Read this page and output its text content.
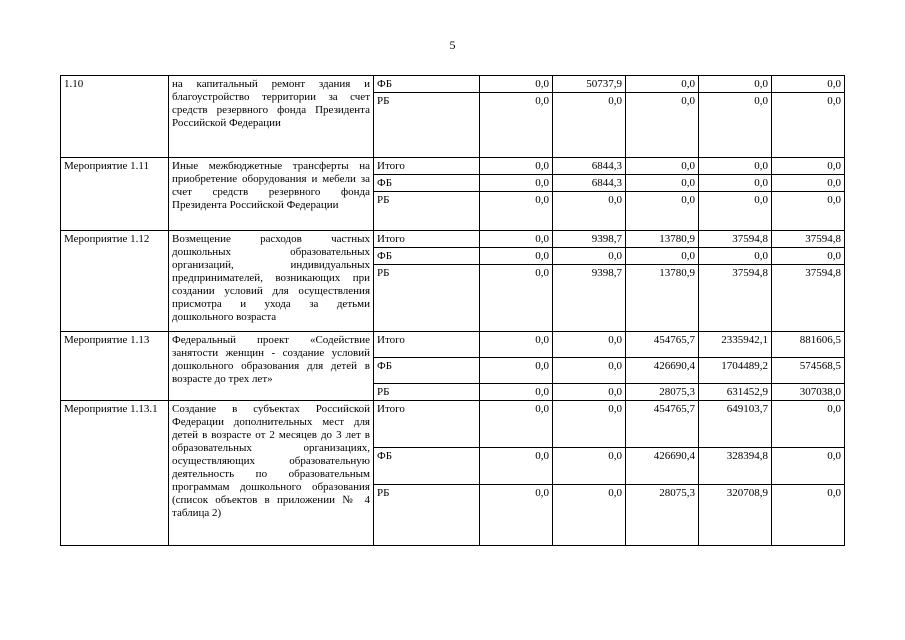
5
1.10	на капитальный ремонт здания и благоустройство территории за счет средств резервного фонда Президента Российской Федерации	ФБ	0,0	50737,9	0,0	0,0	0,0
		РБ	0,0	0,0	0,0	0,0	0,0
Мероприятие 1.11	Иные межбюджетные трансферты на приобретение оборудования и мебели за счет средств резервного фонда Президента Российской Федерации	Итого	0,0	6844,3	0,0	0,0	0,0
		ФБ	0,0	6844,3	0,0	0,0	0,0
		РБ	0,0	0,0	0,0	0,0	0,0
Мероприятие 1.12	Возмещение расходов частных дошкольных образовательных организаций, индивидуальных предпринимателей, возникающих при создании условий для осуществления присмотра и ухода за детьми дошкольного возраста	Итого	0,0	9398,7	13780,9	37594,8	37594,8
		ФБ	0,0	0,0	0,0	0,0	0,0
		РБ	0,0	9398,7	13780,9	37594,8	37594,8
Мероприятие 1.13	Федеральный проект «Содействие занятости женщин - создание условий дошкольного образования для детей в возрасте до трех лет»	Итого	0,0	0,0	454765,7	2335942,1	881606,5
		ФБ	0,0	0,0	426690,4	1704489,2	574568,5
		РБ	0,0	0,0	28075,3	631452,9	307038,0
Мероприятие 1.13.1	Создание в субъектах Российской Федерации дополнительных мест для детей в возрасте от 2 месяцев до 3 лет в образовательных организациях, осуществляющих образовательную деятельность по образовательным программам дошкольного образования (список объектов в приложении № 4 таблица 2)	Итого	0,0	0,0	454765,7	649103,7	0,0
		ФБ	0,0	0,0	426690,4	328394,8	0,0
		РБ	0,0	0,0	28075,3	320708,9	0,0
